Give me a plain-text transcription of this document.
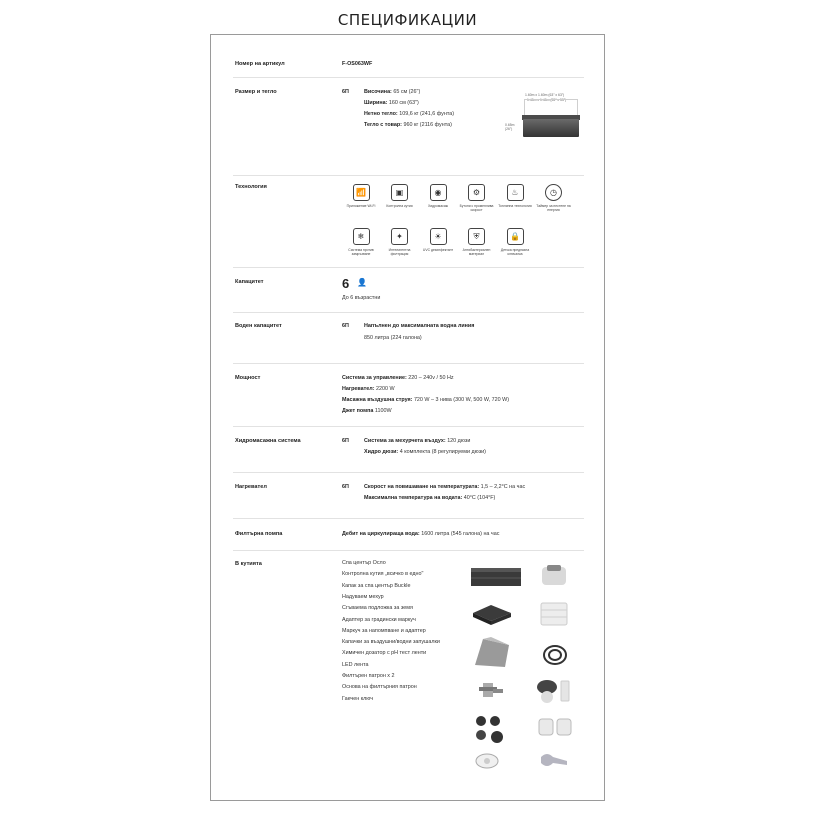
СПЕЦИФИКАЦИИ
Номер на артикул	F-OS063WF
Размер и тегло	6П	Височина: 65 см (26")
Ширина: 160 см (63")
Нетно тегло: 109,6 кг (241,6 фунта)
Тегло с товар: 960 кг (2116 фунта)
1.60m x 1.60m (63" x 63")
1.40m x 1.40m (55" x 55")
0.65m (26")
Технология
📶
Приложение Wi-Fi
▣
Контролна кутия
◉
Хидромасаж
⚙
Бутони с променлива скорост
♨
Топлинна технология
◷
Таймер за пестене на енергия
❄
Система против замръзване
✦
Интелигентна филтрация
☀
UVC дезинфектант
⛨
Антибактериален материал
🔒
Детска предпазна ключалка
Капацитет	6 👤
До 6 възрастни
Воден капацитет	6П	Напълнен до максималната водна линия
850 литра (224 галона)
Мощност	Система за управление: 220 – 240v / 50 Hz
Нагревател: 2200 W
Масажна въздушна струя: 720 W – 3 нива (300 W, 500 W, 720 W)
Джет помпа 1100W
Хидромасажна система	6П	Система за мехурчета въздух: 120 дюзи
Хидро дюзи: 4 комплекта (8 регулируеми дюзи)
Нагревател	6П	Скорост на повишаване на температурата: 1,5 – 2,2°C на час
Максимална температура на водата: 40°C (104°F)
Филтърна помпа	Дебит на циркулираща вода: 1600 литра (545 галона) на час
В кутията	Спа център Осло
Контролна кутия „всичко в едно"
Капак за спа център Buckle
Надуваем мехур
Сгъваема подложка за земя
Адаптер за градински маркуч
Маркуч за напомпване и адаптер
Капачки за въздушни/водни запушалки
Химичен дозатор с pH тест ленти
LED лента
Филтърен патрон x 2
Основа на филтърния патрон
Гаечен ключ
